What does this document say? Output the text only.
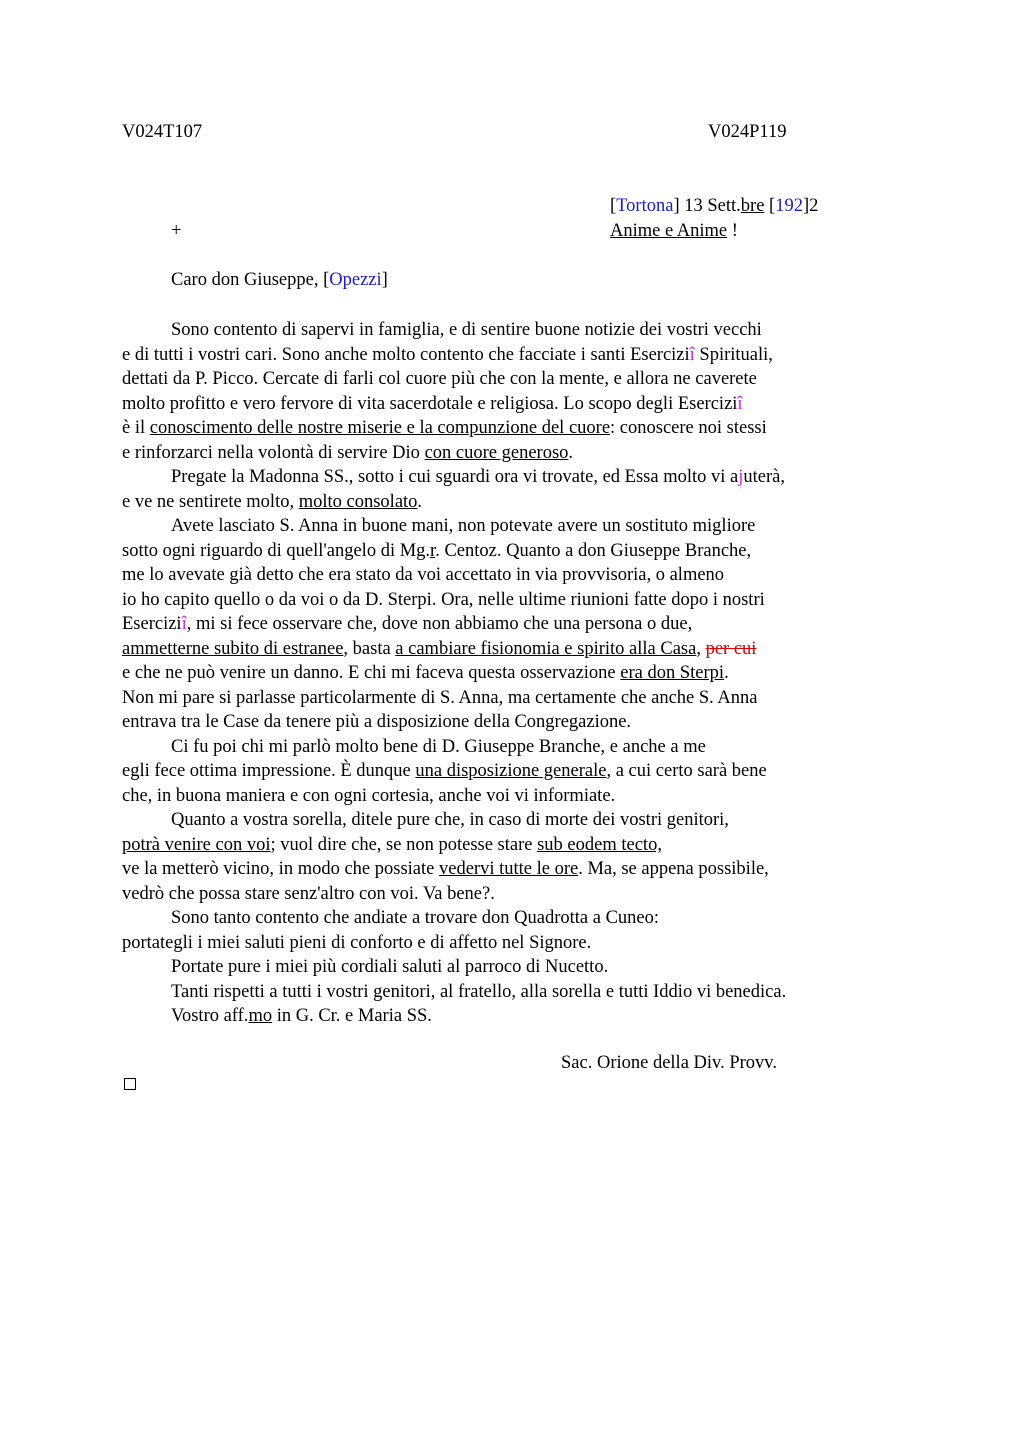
V024T107	V024P119
[Tortona] 13 Sett.bre [192]2
+	Anime e Anime !
Caro don Giuseppe, [Opezzi]
Sono contento di sapervi in famiglia, e di sentire buone notizie dei vostri vecchi
e di tutti i vostri cari. Sono anche molto contento che facciate i santi Eserciziî Spirituali,
dettati da P. Picco. Cercate di farli col cuore più che con la mente, e allora ne caverete
molto profitto e vero fervore di vita sacerdotale e religiosa. Lo scopo degli Eserciziî
è il conoscimento delle nostre miserie e la compunzione del cuore: conoscere noi stessi
e rinforzarci nella volontà di servire Dio con cuore generoso.
Pregate la Madonna SS., sotto i cui sguardi ora vi trovate, ed Essa molto vi ajuterà,
e ve ne sentirete molto, molto consolato.
Avete lasciato S. Anna in buone mani, non potevate avere un sostituto migliore
sotto ogni riguardo di quell'angelo di Mg.r. Centoz. Quanto a don Giuseppe Branche,
me lo avevate già detto che era stato da voi accettato in via provvisoria, o almeno
io ho capito quello o da voi o da D. Sterpi. Ora, nelle ultime riunioni fatte dopo i nostri
Eserciziî, mi si fece osservare che, dove non abbiamo che una persona o due,
ammetterne subito di estranee, basta a cambiare fisionomia e spirito alla Casa, per cui
e che ne può venire un danno. E chi mi faceva questa osservazione era don Sterpi.
Non mi pare si parlasse particolarmente di S. Anna, ma certamente che anche S. Anna
entrava tra le Case da tenere più a disposizione della Congregazione.
Ci fu poi chi mi parlò molto bene di D. Giuseppe Branche, e anche a me
egli fece ottima impressione. È dunque una disposizione generale, a cui certo sarà bene
che, in buona maniera e con ogni cortesia, anche voi vi informiate.
Quanto a vostra sorella, ditele pure che, in caso di morte dei vostri genitori,
potrà venire con voi; vuol dire che, se non potesse stare sub eodem tecto,
ve la metterò vicino, in modo che possiate vedervi tutte le ore. Ma, se appena possibile,
vedrò che possa stare senz'altro con voi. Va bene?.
Sono tanto contento che andiate a trovare don Quadrotta a Cuneo:
portategli i miei saluti pieni di conforto e di affetto nel Signore.
Portate pure i miei più cordiali saluti al parroco di Nucetto.
Tanti rispetti a tutti i vostri genitori, al fratello, alla sorella e tutti Iddio vi benedica.
Vostro aff.mo in G. Cr. e Maria SS.
Sac. Orione della Div. Provv.
